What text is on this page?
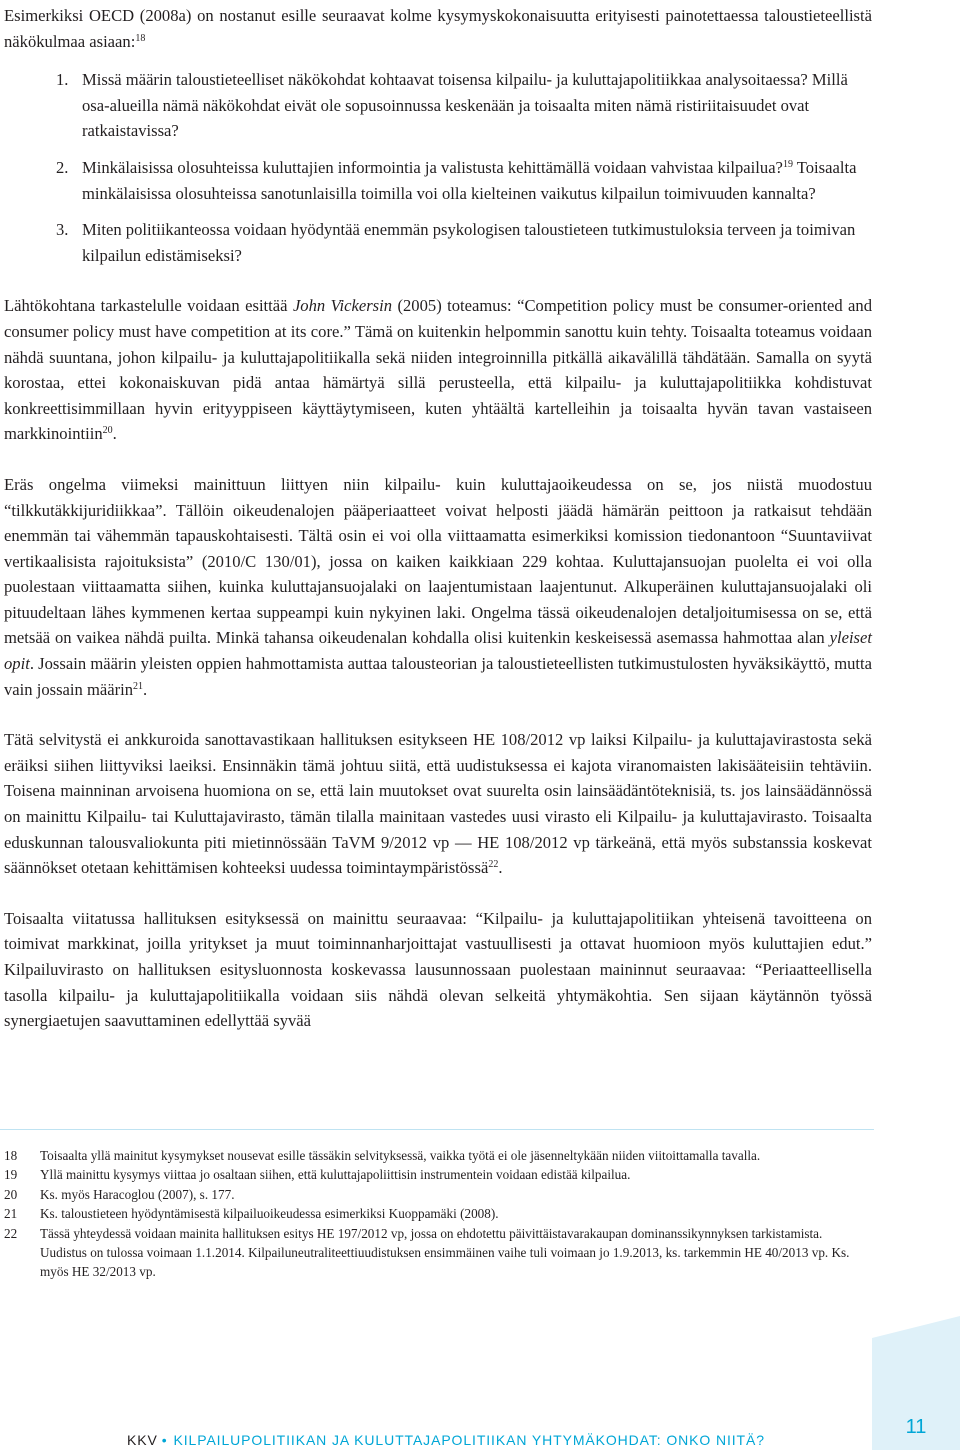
Esimerkiksi OECD (2008a) on nostanut esille seuraavat kolme kysymyskokonaisuutta erityisesti painotettaessa taloustieteellistä näkökulmaa asiaan:$^{18}$

1. Missä määrin taloustieteelliset näkökohdat kohtaavat toisensa kilpailu- ja kuluttajapolitiikkaa analysoitaessa? Millä osa-alueilla nämä näkökohdat eivät ole sopusoinnussa keskenään ja toisaalta miten nämä ristiriitaisuudet ovat ratkaistavissa?
2. Minkälaisissa olosuhteissa kuluttajien informointia ja valistusta kehittämällä voidaan vahvistaa kilpailua?$^{19}$ Toisaalta minkälaisissa olosuhteissa sanotunlaisilla toimilla voi olla kielteinen vaikutus kilpailun toimivuuden kannalta?
3. Miten politiikanteossa voidaan hyödyntää enemmän psykologisen taloustieteen tutkimustuloksia terveen ja toimivan kilpailun edistämiseksi?

Lähtökohtana tarkastelulle voidaan esittää John Vickersin (2005) toteamus: “Competition policy must be consumer-oriented and consumer policy must have competition at its core.” Tämä on kuitenkin helpommin sanottu kuin tehty. Toisaalta toteamus voidaan nähdä suuntana, johon kilpailu- ja kuluttajapolitiikalla sekä niiden integroinnilla pitkällä aikavälillä tähdätään. Samalla on syytä korostaa, ettei kokonaiskuvan pidä antaa hämärtyä sillä perusteella, että kilpailu- ja kuluttajapolitiikka kohdistuvat konkreettisimmillaan hyvin erityyppiseen käyttäytymiseen, kuten yhtäältä kartelleihin ja toisaalta hyvän tavan vastaiseen markkinointiin$^{20}$.

Eräs ongelma viimeksi mainittuun liittyen niin kilpailu- kuin kuluttajaoikeudessa on se, jos niistä muodostuu “tilkkutäkkijuridiikkaa”. Tällöin oikeudenalojen pääperiaatteet voivat helposti jäädä hämärän peittoon ja ratkaisut tehdään enemmän tai vähemmän tapauskohtaisesti. Tältä osin ei voi olla viittaamatta esimerkiksi komission tiedonantoon “Suuntaviivat vertikaalisista rajoituksista” (2010/C 130/01), jossa on kaiken kaikkiaan 229 kohtaa. Kuluttajansuojan puolelta ei voi olla puolestaan viittaamatta siihen, kuinka kuluttajansuojalaki on laajentumistaan laajentunut. Alkuperäinen kuluttajansuojalaki oli pituudeltaan lähes kymmenen kertaa suppeampi kuin nykyinen laki. Ongelma tässä oikeudenalojen detaljoitumisessa on se, että metsää on vaikea nähdä puilta. Minkä tahansa oikeudenalan kohdalla olisi kuitenkin keskeisessä asemassa hahmottaa alan yleiset opit. Jossain määrin yleisten oppien hahmottamista auttaa talousteorian ja taloustieteellisten tutkimustulosten hyväksikäyttö, mutta vain jossain määrin$^{21}$.

Tätä selvitystä ei ankkuroida sanottavastikaan hallituksen esitykseen HE 108/2012 vp laiksi Kilpailu- ja kuluttajavirastosta sekä eräiksi siihen liittyviksi laeiksi. Ensinnäkin tämä johtuu siitä, että uudistuksessa ei kajota viranomaisten lakisääteisiin tehtäviin. Toisena mainninan arvoisena huomiona on se, että lain muutokset ovat suurelta osin lainsäädäntöteknisiä, ts. jos lainsäädännössä on mainittu Kilpailu- tai Kuluttajavirasto, tämän tilalla mainitaan vastedes uusi virasto eli Kilpailu- ja kuluttajavirasto. Toisaalta eduskunnan talousvaliokunta piti mietinnössään TaVM 9/2012 vp — HE 108/2012 vp tärkeänä, että myös substanssia koskevat säännökset otetaan kehittämisen kohteeksi uudessa toimintaympäristössä$^{22}$.

Toisaalta viitatussa hallituksen esityksessä on mainittu seuraavaa: “Kilpailu- ja kuluttajapolitiikan yhteisenä tavoitteena on toimivat markkinat, joilla yritykset ja muut toiminnanharjoittajat vastuullisesti ja ottavat huomioon myös kuluttajien edut.” Kilpailuvirasto on hallituksen esitysluonnosta koskevassa lausunnossaan puolestaan maininnut seuraavaa: “Periaatteellisella tasolla kilpailu- ja kuluttajapolitiikalla voidaan siis nähdä olevan selkeitä yhtymäkohtia. Sen sijaan käytännön työssä synergiaetujen saavuttaminen edellyttää syvää

18 Toisaalta yllä mainitut kysymykset nousevat esille tässäkin selvityksessä, vaikka työtä ei ole jäsenneltykään niiden viitoittamalla tavalla.
19 Yllä mainittu kysymys viittaa jo osaltaan siihen, että kuluttajapoliittisin instrumentein voidaan edistää kilpailua.
20 Ks. myös Haracoglou (2007), s. 177.
21 Ks. taloustieteen hyödyntämisestä kilpailuoikeudessa esimerkiksi Kuoppamäki (2008).
22 Tässä yhteydessä voidaan mainita hallituksen esitys HE 197/2012 vp, jossa on ehdotettu päivittäistavarakaupan dominanssikynnyksen tarkistamista. Uudistus on tulossa voimaan 1.1.2014. Kilpailuneutraliteettiuudistuksen ensimmäinen vaihe tuli voimaan jo 1.9.2013, ks. tarkemmin HE 40/2013 vp. Ks. myös HE 32/2013 vp.
KKV • KILPAILUPOLITIIKAN JA KULUTTAJAPOLITIIKAN YHTYMÄKOHDAT: ONKO NIITÄ?
11
